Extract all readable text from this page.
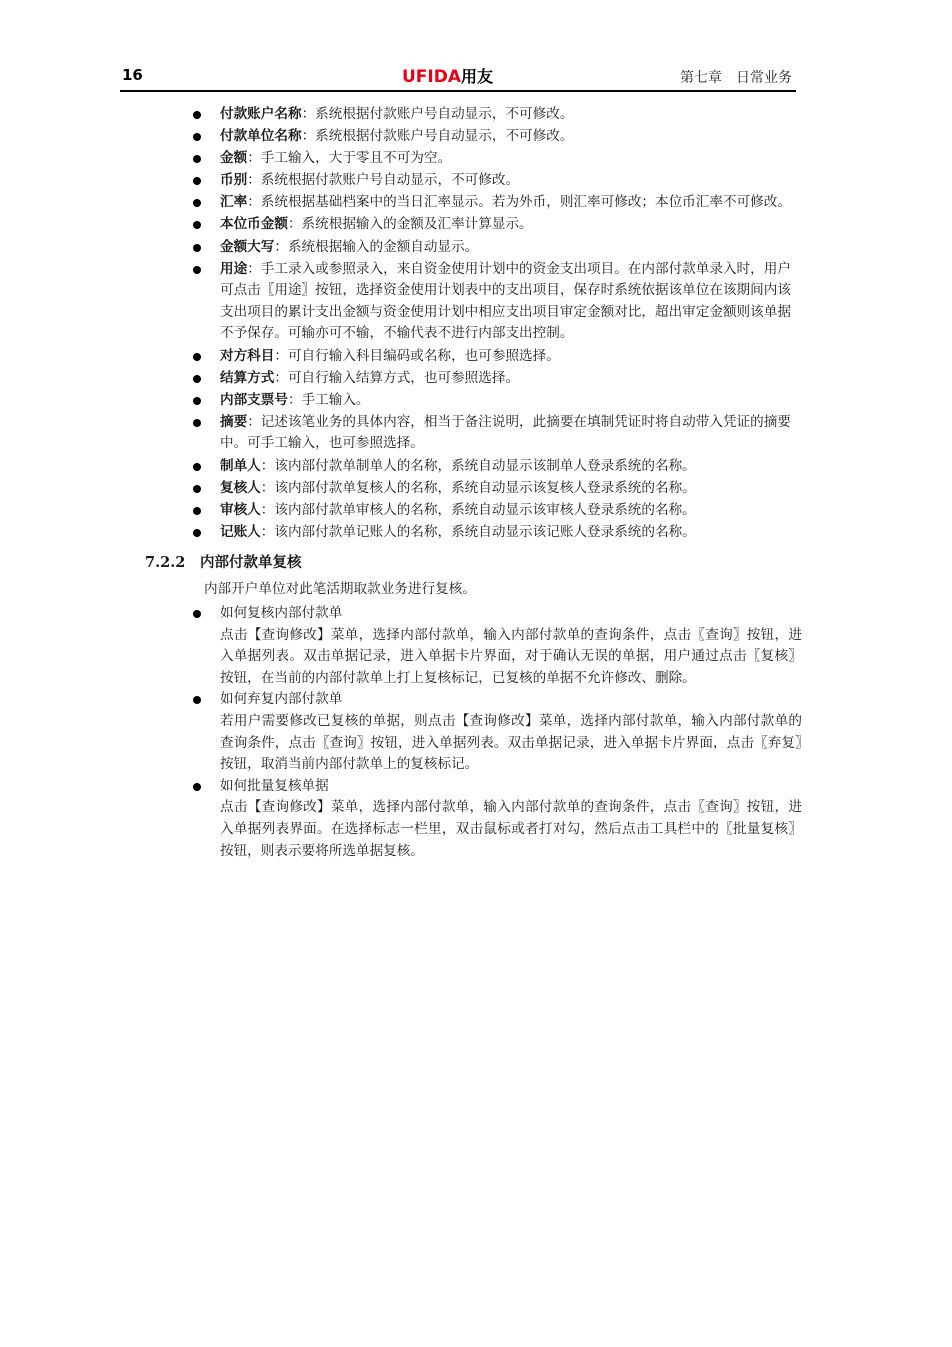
16	UFIDA用友	第七章　日常业务
付款账户名称：系统根据付款账户号自动显示，不可修改。
付款单位名称：系统根据付款账户号自动显示，不可修改。
金额：手工输入，大于零且不可为空。
币别：系统根据付款账户号自动显示，不可修改。
汇率：系统根据基础档案中的当日汇率显示。若为外币，则汇率可修改；本位币汇率不可修改。
本位币金额：系统根据输入的金额及汇率计算显示。
金额大写：系统根据输入的金额自动显示。
用途：手工录入或参照录入，来自资金使用计划中的资金支出项目。在内部付款单录入时，用户可点击〖用途〗按钮，选择资金使用计划表中的支出项目，保存时系统依据该单位在该期间内该支出项目的累计支出金额与资金使用计划中相应支出项目审定金额对比，超出审定金额则该单据不予保存。可输亦可不输，不输代表不进行内部支出控制。
对方科目：可自行输入科目编码或名称，也可参照选择。
结算方式：可自行输入结算方式，也可参照选择。
内部支票号：手工输入。
摘要：记述该笔业务的具体内容，相当于备注说明，此摘要在填制凭证时将自动带入凭证的摘要中。可手工输入，也可参照选择。
制单人：该内部付款单制单人的名称，系统自动显示该制单人登录系统的名称。
复核人：该内部付款单复核人的名称，系统自动显示该复核人登录系统的名称。
审核人：该内部付款单审核人的名称，系统自动显示该审核人登录系统的名称。
记账人：该内部付款单记账人的名称，系统自动显示该记账人登录系统的名称。
7.2.2 内部付款单复核
内部开户单位对此笔活期取款业务进行复核。
如何复核内部付款单
点击【查询修改】菜单，选择内部付款单，输入内部付款单的查询条件，点击〖查询〗按钮，进入单据列表。双击单据记录，进入单据卡片界面，对于确认无误的单据，用户通过点击〖复核〗按钮，在当前的内部付款单上打上复核标记，已复核的单据不允许修改、删除。
如何弃复内部付款单
若用户需要修改已复核的单据，则点击【查询修改】菜单，选择内部付款单，输入内部付款单的查询条件，点击〖查询〗按钮，进入单据列表。双击单据记录，进入单据卡片界面，点击〖弃复〗按钮，取消当前内部付款单上的复核标记。
如何批量复核单据
点击【查询修改】菜单，选择内部付款单，输入内部付款单的查询条件，点击〖查询〗按钮，进入单据列表界面。在选择标志一栏里，双击鼠标或者打对勾，然后点击工具栏中的〖批量复核〗按钮，则表示要将所选单据复核。
